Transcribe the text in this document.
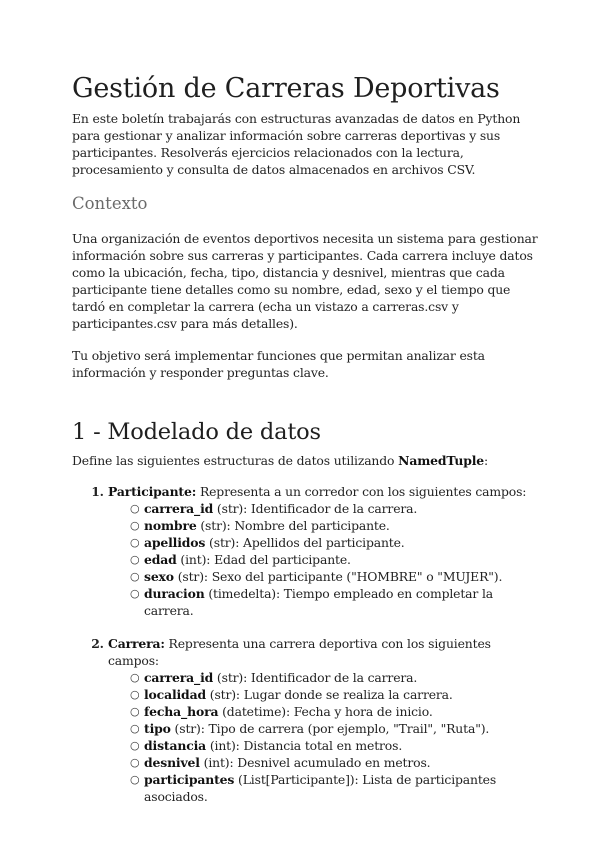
Gestión de Carreras Deportivas

En este boletín trabajarás con estructuras avanzadas de datos en Python para gestionar y analizar información sobre carreras deportivas y sus participantes. Resolverás ejercicios relacionados con la lectura, procesamiento y consulta de datos almacenados en archivos CSV.

Contexto

Una organización de eventos deportivos necesita un sistema para gestionar información sobre sus carreras y participantes. Cada carrera incluye datos como la ubicación, fecha, tipo, distancia y desnivel, mientras que cada participante tiene detalles como su nombre, edad, sexo y el tiempo que tardó en completar la carrera (echa un vistazo a carreras.csv y participantes.csv para más detalles).

Tu objetivo será implementar funciones que permitan analizar esta información y responder preguntas clave.

1 - Modelado de datos

Define las siguientes estructuras de datos utilizando NamedTuple:

1. Participante: Representa a un corredor con los siguientes campos:
○ carrera_id (str): Identificador de la carrera.
○ nombre (str): Nombre del participante.
○ apellidos (str): Apellidos del participante.
○ edad (int): Edad del participante.
○ sexo (str): Sexo del participante ("HOMBRE" o "MUJER").
○ duracion (timedelta): Tiempo empleado en completar la carrera.
2. Carrera: Representa una carrera deportiva con los siguientes campos:
○ carrera_id (str): Identificador de la carrera.
○ localidad (str): Lugar donde se realiza la carrera.
○ fecha_hora (datetime): Fecha y hora de inicio.
○ tipo (str): Tipo de carrera (por ejemplo, "Trail", "Ruta").
○ distancia (int): Distancia total en metros.
○ desnivel (int): Desnivel acumulado en metros.
○ participantes (List[Participante]): Lista de participantes asociados.
